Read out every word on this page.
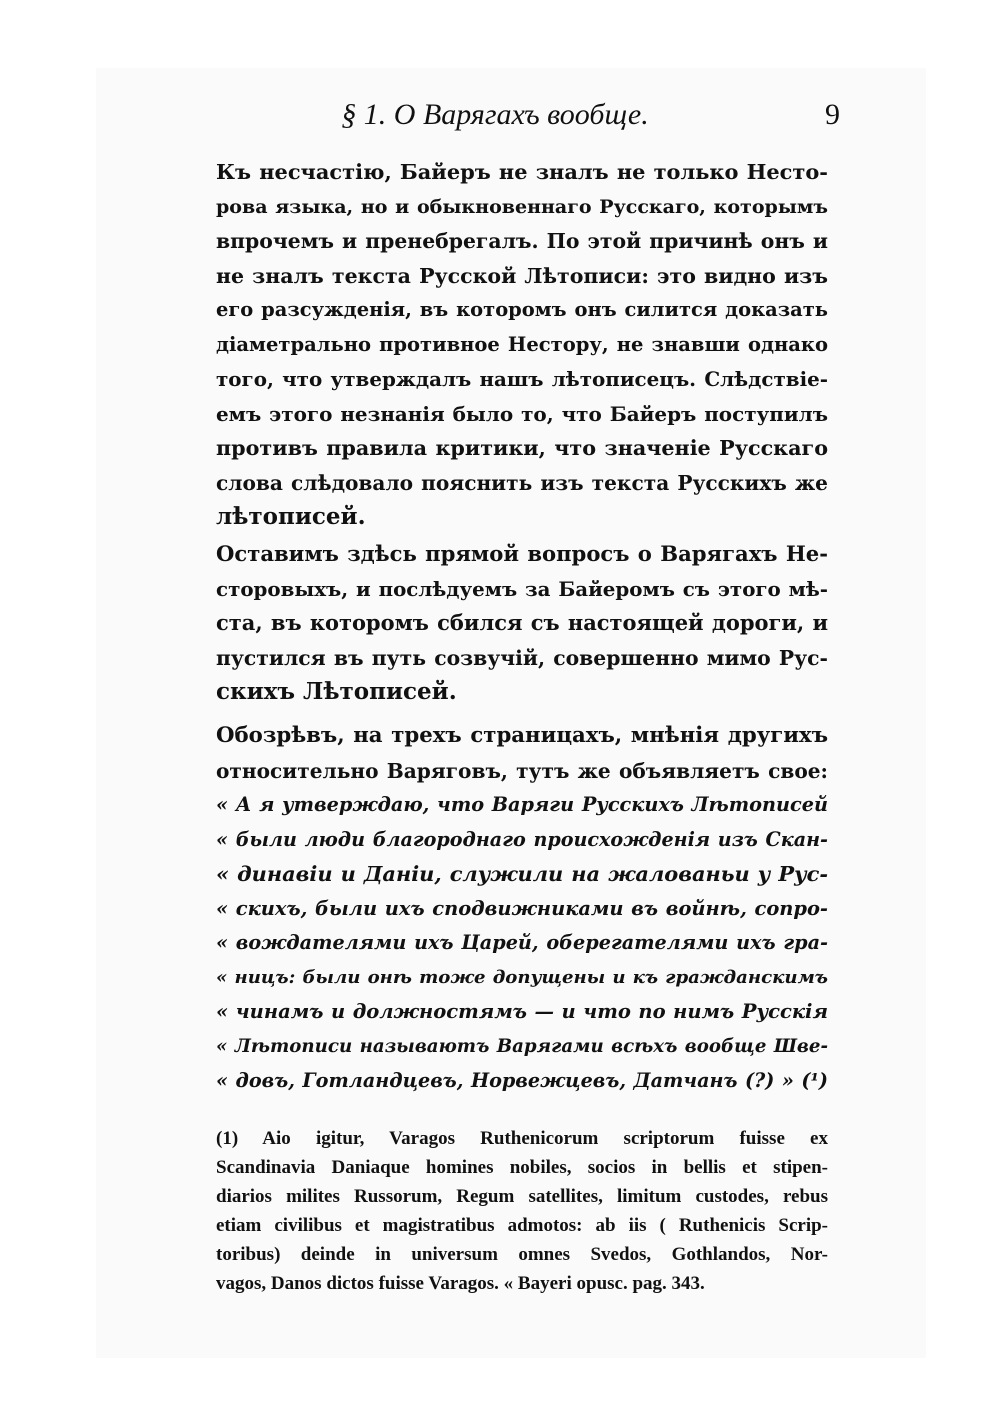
§ 1. О Варягахъ вообще.	9
Къ несчастію, Байеръ не зналъ не только Несто-
рова языка, но и обыкновеннаго Русскаго, которымъ
впрочемъ и пренебрегалъ. По этой причинѣ онъ и
не зналъ текста Русской Лѣтописи: это видно изъ
его разсужденія, въ которомъ онъ силится доказать
діаметрально противное Нестору, не знавши однако
того, что утверждалъ нашъ лѣтописецъ. Слѣдствіе-
емъ этого незнанія было то, что Байеръ поступилъ
противъ правила критики, что значеніе Русскаго
слова слѣдовало пояснить изъ текста Русскихъ же
лѣтописей.
Оставимъ здѣсь прямой вопросъ о Варягахъ Не-
сторовыхъ, и послѣдуемъ за Байеромъ съ этого мѣ-
ста, въ которомъ сбился съ настоящей дороги, и
пустился въ путь созвучій, совершенно мимо Рус-
скихъ Лѣтописей.
Обозрѣвъ, на трехъ страницахъ, мнѣнія другихъ
относительно Варяговъ, тутъ же объявляетъ свое:
« А я утверждаю, что Варяги Русскихъ Лѣтописей
« были люди благороднаго происхожденія изъ Скан-
« динавіи и Даніи, служили на жалованьи у Рус-
« скихъ, были ихъ сподвижниками въ войнѣ, сопро-
« вождателями ихъ Царей, оберегателями ихъ гра-
« ницъ: были онѣ тоже допущены и къ гражданскимъ
« чинамъ и должностямъ — и что по нимъ Русскія
« Лѣтописи называютъ Варягами всѣхъ вообще Шве-
« довъ, Готландцевъ, Норвежцевъ, Датчанъ (?) » (¹)
(1) Aio igitur, Varagos Ruthenicorum scriptorum fuisse ex
Scandinavia Daniaque homines nobiles, socios in bellis et stipen-
diarios milites Russorum, Regum satellites, limitum custodes, rebus
etiam civilibus et magistratibus admotos: ab iis ( Ruthenicis Scrip-
toribus) deinde in universum omnes Svedos, Gothlandos, Nor-
vagos, Danos dictos fuisse Varagos. « Bayeri opusc. pag. 343.
